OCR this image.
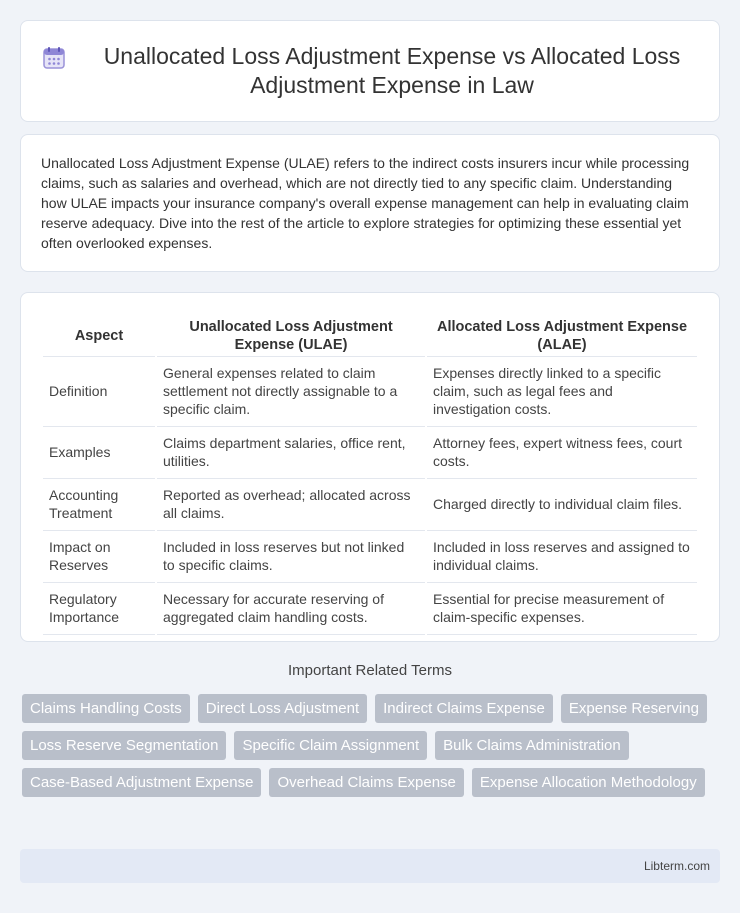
Unallocated Loss Adjustment Expense vs Allocated Loss Adjustment Expense in Law

Unallocated Loss Adjustment Expense (ULAE) refers to the indirect costs insurers incur while processing claims, such as salaries and overhead, which are not directly tied to any specific claim. Understanding how ULAE impacts your insurance company's overall expense management can help in evaluating claim reserve adequacy. Dive into the rest of the article to explore strategies for optimizing these essential yet often overlooked expenses.

Aspect	Unallocated Loss Adjustment Expense (ULAE)	Allocated Loss Adjustment Expense (ALAE)
Definition	General expenses related to claim settlement not directly assignable to a specific claim.	Expenses directly linked to a specific claim, such as legal fees and investigation costs.
Examples	Claims department salaries, office rent, utilities.	Attorney fees, expert witness fees, court costs.
Accounting Treatment	Reported as overhead; allocated across all claims.	Charged directly to individual claim files.
Impact on Reserves	Included in loss reserves but not linked to specific claims.	Included in loss reserves and assigned to individual claims.
Regulatory Importance	Necessary for accurate reserving of aggregated claim handling costs.	Essential for precise measurement of claim-specific expenses.
Important Related Terms
Claims Handling Costs	Direct Loss Adjustment	Indirect Claims Expense	Expense Reserving
Loss Reserve Segmentation	Specific Claim Assignment	Bulk Claims Administration
Case-Based Adjustment Expense	Overhead Claims Expense	Expense Allocation Methodology
Libterm.com
